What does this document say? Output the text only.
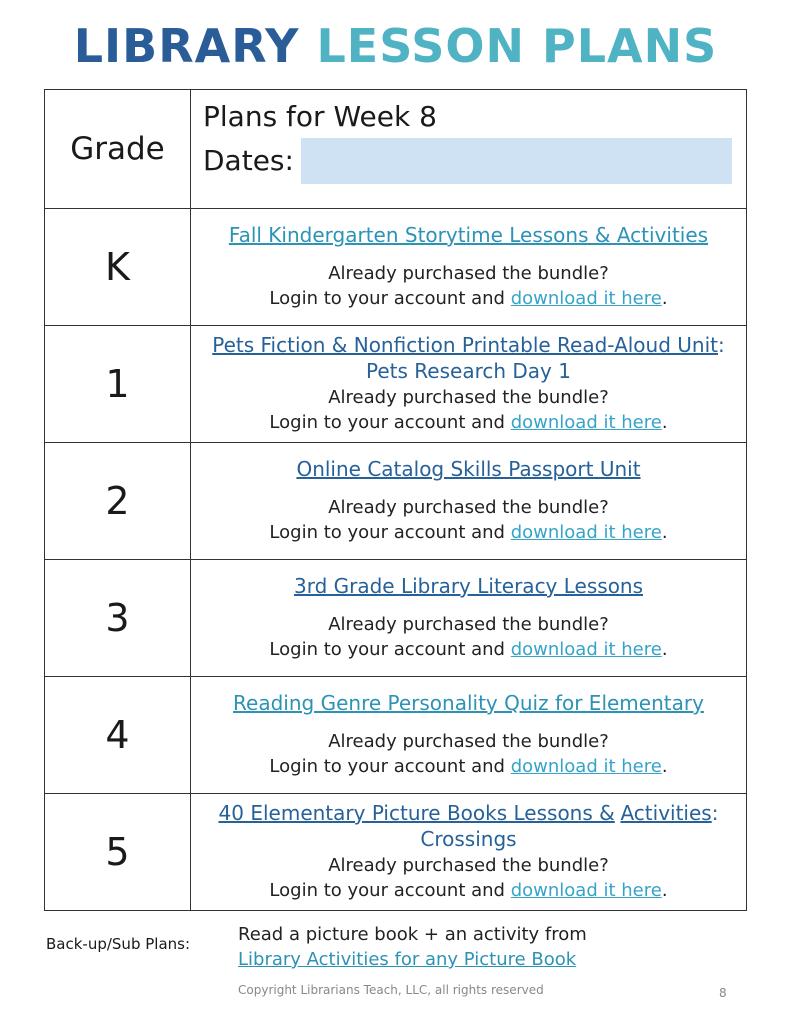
LIBRARY LESSON PLANS
Grade	Plans for Week 8
Dates:

K	Fall Kindergarten Storytime Lessons & Activities
Already purchased the bundle?
Login to your account and download it here.

1	Pets Fiction & Nonfiction Printable Read-Aloud Unit: Pets Research Day 1
Already purchased the bundle?
Login to your account and download it here.

2	Online Catalog Skills Passport Unit
Already purchased the bundle?
Login to your account and download it here.

3	3rd Grade Library Literacy Lessons
Already purchased the bundle?
Login to your account and download it here.

4	Reading Genre Personality Quiz for Elementary
Already purchased the bundle?
Login to your account and download it here.

5	40 Elementary Picture Books Lessons & Activities: Crossings
Already purchased the bundle?
Login to your account and download it here.
Back-up/Sub Plans:	Read a picture book + an activity from
Library Activities for any Picture Book
Copyright Librarians Teach, LLC, all rights reserved	8
